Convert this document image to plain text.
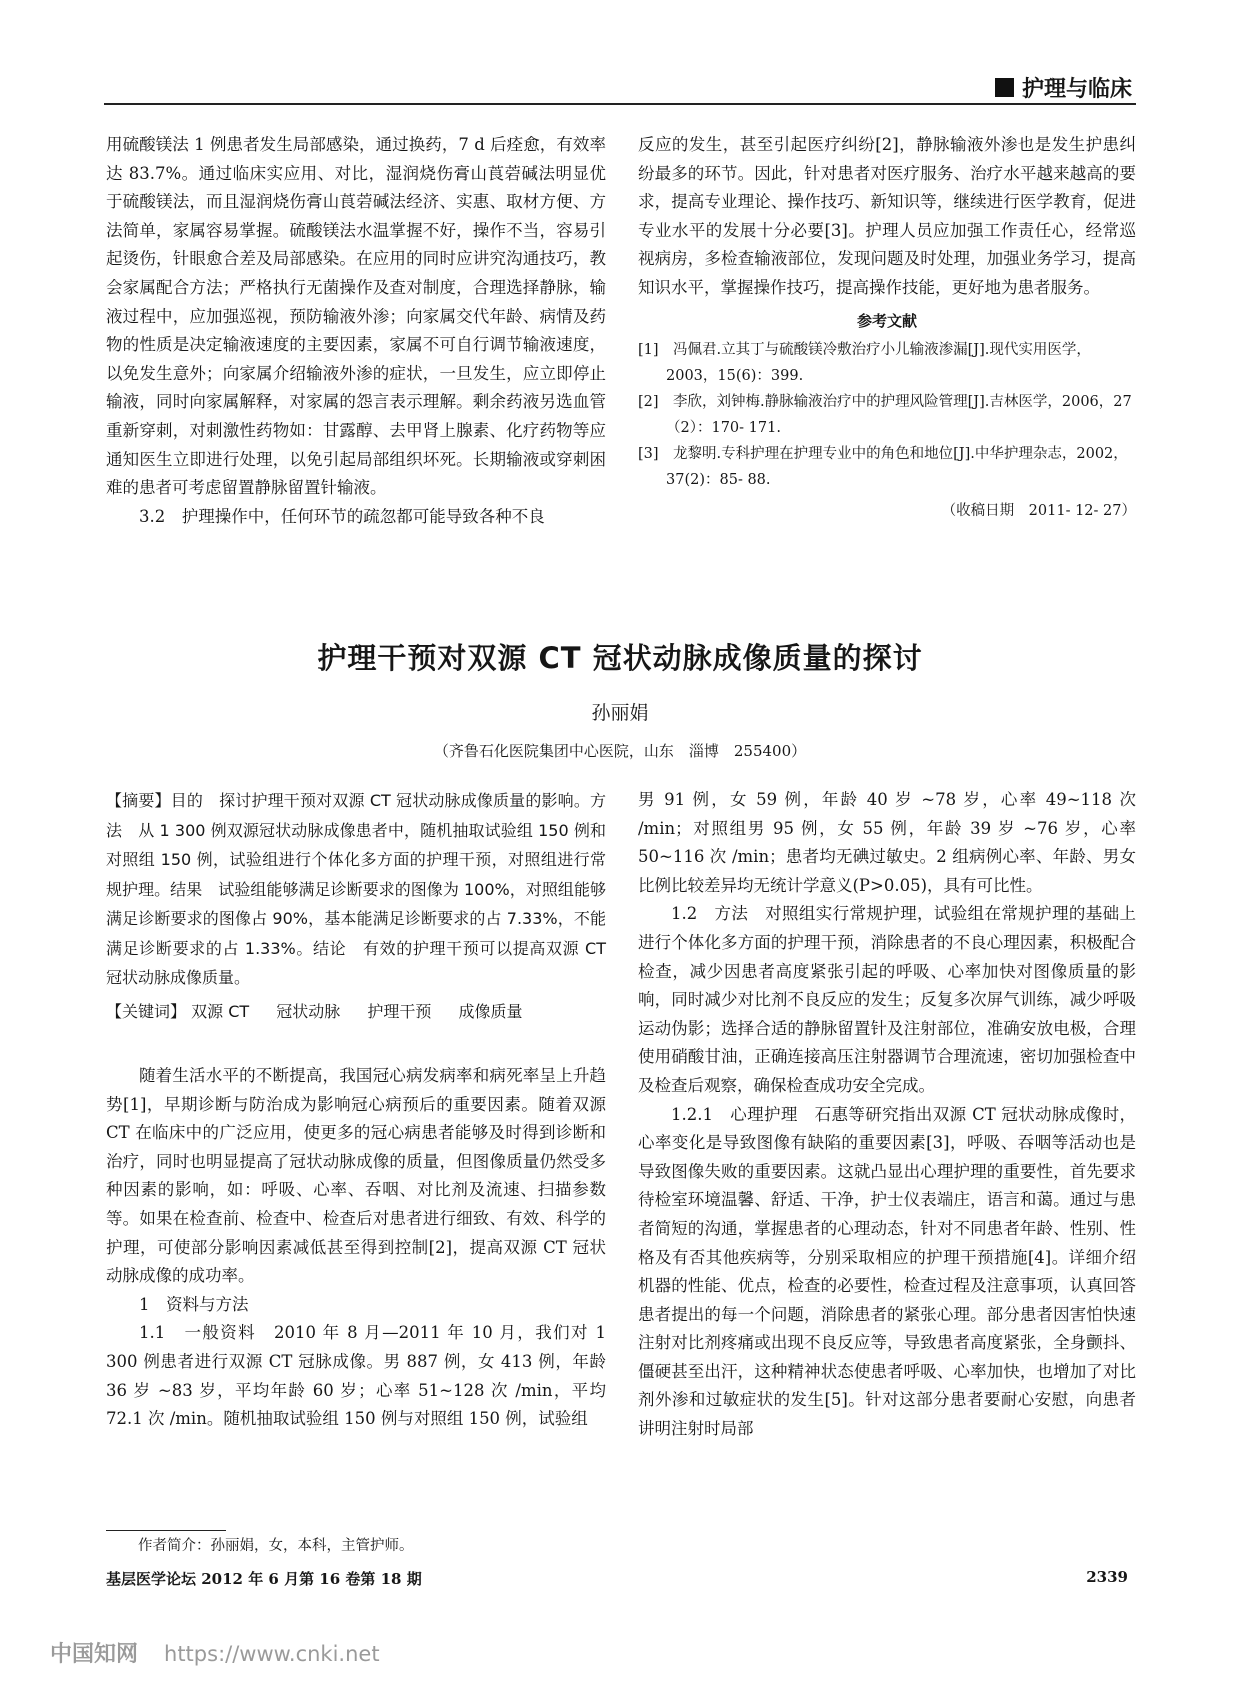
护理与临床

用硫酸镁法 1 例患者发生局部感染，通过换药，7 d 后痊愈，有效率达 83.7%。通过临床实应用、对比，湿润烧伤膏山莨菪碱法明显优于硫酸镁法，而且湿润烧伤膏山莨菪碱法经济、实惠、取材方便、方法简单，家属容易掌握。硫酸镁法水温掌握不好，操作不当，容易引起烫伤，针眼愈合差及局部感染。在应用的同时应讲究沟通技巧，教会家属配合方法；严格执行无菌操作及查对制度，合理选择静脉，输液过程中，应加强巡视，预防输液外渗；向家属交代年龄、病情及药物的性质是决定输液速度的主要因素，家属不可自行调节输液速度，以免发生意外；向家属介绍输液外渗的症状，一旦发生，应立即停止输液，同时向家属解释，对家属的怨言表示理解。剩余药液另选血管重新穿刺，对刺激性药物如：甘露醇、去甲肾上腺素、化疗药物等应通知医生立即进行处理，以免引起局部组织坏死。长期输液或穿刺困难的患者可考虑留置静脉留置针输液。

3.2　护理操作中，任何环节的疏忽都可能导致各种不良

反应的发生，甚至引起医疗纠纷[2]，静脉输液外渗也是发生护患纠纷最多的环节。因此，针对患者对医疗服务、治疗水平越来越高的要求，提高专业理论、操作技巧、新知识等，继续进行医学教育，促进专业水平的发展十分必要[3]。护理人员应加强工作责任心，经常巡视病房，多检查输液部位，发现问题及时处理，加强业务学习，提高知识水平，掌握操作技巧，提高操作技能，更好地为患者服务。

参考文献

[1]　冯佩君.立其丁与硫酸镁冷敷治疗小儿输液渗漏[J].现代实用医学，2003，15(6)：399.

[2]　李欣，刘钟梅.静脉输液治疗中的护理风险管理[J].吉林医学，2006，27（2）：170- 171.

[3]　龙黎明.专科护理在护理专业中的角色和地位[J].中华护理杂志，2002，37(2)：85- 88.

（收稿日期　2011- 12- 27）
护理干预对双源 CT 冠状动脉成像质量的探讨
孙丽娟
（齐鲁石化医院集团中心医院，山东　淄博　255400）

【摘要】目的　探讨护理干预对双源 CT 冠状动脉成像质量的影响。方法　从 1 300 例双源冠状动脉成像患者中，随机抽取试验组 150 例和对照组 150 例，试验组进行个体化多方面的护理干预，对照组进行常规护理。结果　试验组能够满足诊断要求的图像为 100%，对照组能够满足诊断要求的图像占 90%，基本能满足诊断要求的占 7.33%，不能满足诊断要求的占 1.33%。结论　有效的护理干预可以提高双源 CT 冠状动脉成像质量。

【关键词】 双源 CT 冠状动脉 护理干预 成像质量

随着生活水平的不断提高，我国冠心病发病率和病死率呈上升趋势[1]，早期诊断与防治成为影响冠心病预后的重要因素。随着双源 CT 在临床中的广泛应用，使更多的冠心病患者能够及时得到诊断和治疗，同时也明显提高了冠状动脉成像的质量，但图像质量仍然受多种因素的影响，如：呼吸、心率、吞咽、对比剂及流速、扫描参数等。如果在检查前、检查中、检查后对患者进行细致、有效、科学的护理，可使部分影响因素减低甚至得到控制[2]，提高双源 CT 冠状动脉成像的成功率。

1　资料与方法

1.1　一般资料　2010 年 8 月—2011 年 10 月，我们对 1 300 例患者进行双源 CT 冠脉成像。男 887 例，女 413 例，年龄 36 岁 ~83 岁，平均年龄 60 岁；心率 51~128 次 /min，平均 72.1 次 /min。随机抽取试验组 150 例与对照组 150 例，试验组

男 91 例，女 59 例，年龄 40 岁 ~78 岁，心率 49~118 次 /min；对照组男 95 例，女 55 例，年龄 39 岁 ~76 岁，心率 50~116 次 /min；患者均无碘过敏史。2 组病例心率、年龄、男女比例比较差异均无统计学意义(P>0.05)，具有可比性。

1.2　方法　对照组实行常规护理，试验组在常规护理的基础上进行个体化多方面的护理干预，消除患者的不良心理因素，积极配合检查，减少因患者高度紧张引起的呼吸、心率加快对图像质量的影响，同时减少对比剂不良反应的发生；反复多次屏气训练，减少呼吸运动伪影；选择合适的静脉留置针及注射部位，准确安放电极，合理使用硝酸甘油，正确连接高压注射器调节合理流速，密切加强检查中及检查后观察，确保检查成功安全完成。

1.2.1　心理护理　石惠等研究指出双源 CT 冠状动脉成像时，心率变化是导致图像有缺陷的重要因素[3]，呼吸、吞咽等活动也是导致图像失败的重要因素。这就凸显出心理护理的重要性，首先要求待检室环境温馨、舒适、干净，护士仪表端庄，语言和蔼。通过与患者简短的沟通，掌握患者的心理动态，针对不同患者年龄、性别、性格及有否其他疾病等，分别采取相应的护理干预措施[4]。详细介绍机器的性能、优点，检查的必要性，检查过程及注意事项，认真回答患者提出的每一个问题，消除患者的紧张心理。部分患者因害怕快速注射对比剂疼痛或出现不良反应等，导致患者高度紧张，全身颤抖、僵硬甚至出汗，这种精神状态使患者呼吸、心率加快，也增加了对比剂外渗和过敏症状的发生[5]。针对这部分患者要耐心安慰，向患者讲明注射时局部

作者简介：孙丽娟，女，本科，主管护师。
基层医学论坛 2012 年 6 月第 16 卷第 18 期	2339
中国知网 https://www.cnki.net
